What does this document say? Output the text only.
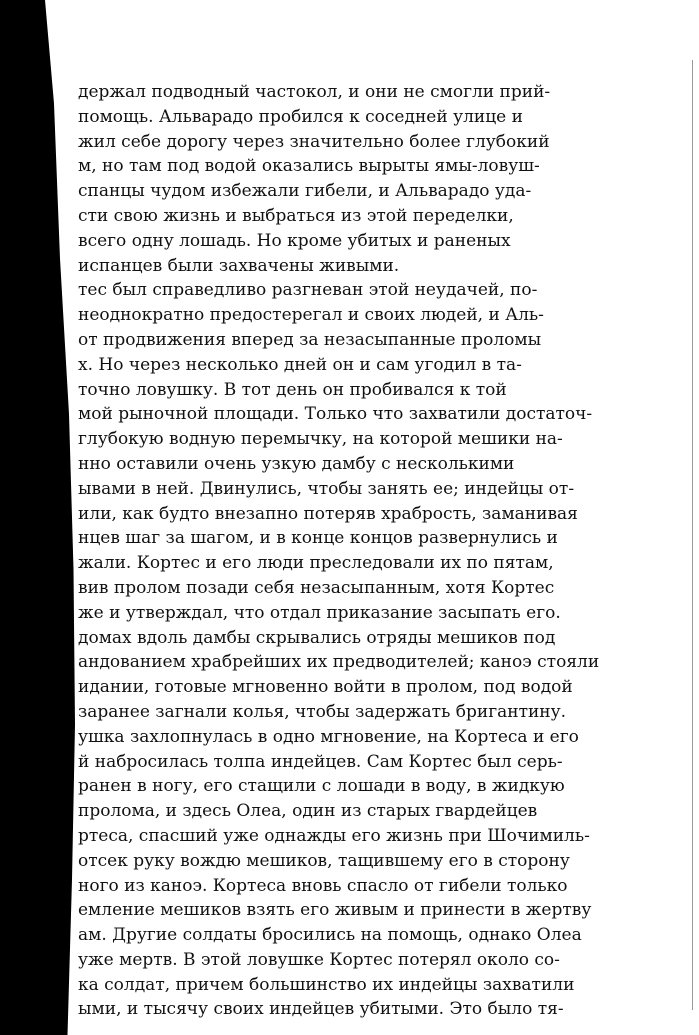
держал подводный частокол, и они не смогли прий-
помощь. Альварадо пробился к соседней улице и
жил себе дорогу через значительно более глубокий
м, но там под водой оказались вырыты ямы-ловуш-
спанцы чудом избежали гибели, и Альварадо уда-
сти свою жизнь и выбраться из этой переделки,
всего одну лошадь. Но кроме убитых и раненых
испанцев были захвачены живыми.
тес был справедливо разгневан этой неудачей, по-
неоднократно предостерегал и своих людей, и Аль-
от продвижения вперед за незасыпанные проломы
х. Но через несколько дней он и сам угодил в та-
точно ловушку. В тот день он пробивался к той
мой рыночной площади. Только что захватили достаточ-
глубокую водную перемычку, на которой мешики на-
нно оставили очень узкую дамбу с несколькими
ывами в ней. Двинулись, чтобы занять ее; индейцы от-
или, как будто внезапно потеряв храбрость, заманивая
нцев шаг за шагом, и в конце концов развернулись и
жали. Кортес и его люди преследовали их по пятам,
вив пролом позади себя незасыпанным, хотя Кортес
же и утверждал, что отдал приказание засыпать его.
домах вдоль дамбы скрывались отряды мешиков под
андованием храбрейших их предводителей; каноэ стояли
идании, готовые мгновенно войти в пролом, под водой
заранее загнали колья, чтобы задержать бригантину.
ушка захлопнулась в одно мгновение, на Кортеса и его
й набросилась толпа индейцев. Сам Кортес был серь-
ранен в ногу, его стащили с лошади в воду, в жидкую
пролома, и здесь Олеа, один из старых гвардейцев
ртеса, спасший уже однажды его жизнь при Шочимиль-
отсек руку вождю мешиков, тащившему его в сторону
ного из каноэ. Кортеса вновь спасло от гибели только
емление мешиков взять его живым и принести в жертву
ам. Другие солдаты бросились на помощь, однако Олеа
уже мертв. В этой ловушке Кортес потерял около со-
ка солдат, причем большинство их индейцы захватили
ыми, и тысячу своих индейцев убитыми. Это было тя-
